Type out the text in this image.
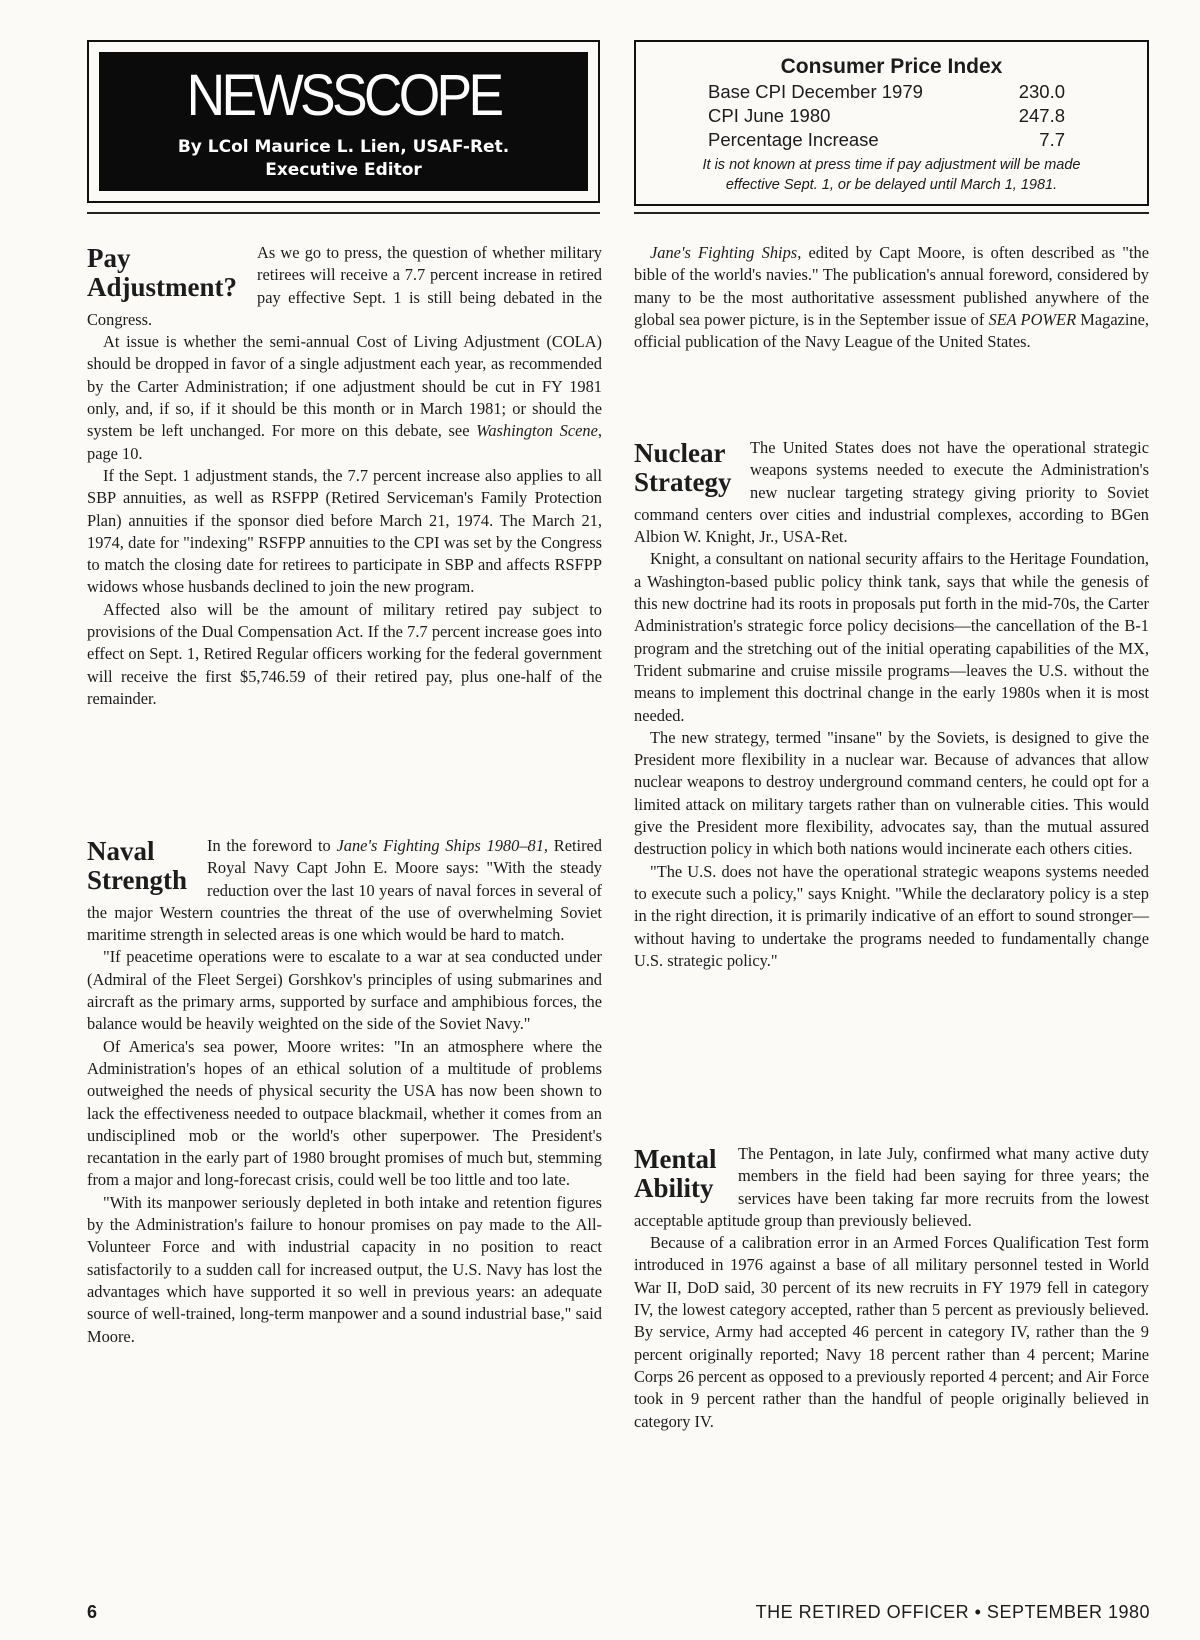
NEWSSCOPE
By LCol Maurice L. Lien, USAF-Ret.
Executive Editor
Consumer Price Index
Base CPI December 1979	230.0
CPI June 1980	247.8
Percentage Increase	7.7
It is not known at press time if pay adjustment will be made
effective Sept. 1, or be delayed until March 1, 1981.
Pay
Adjustment?

As we go to press, the question of whether military retirees will receive a 7.7 percent increase in retired pay effective Sept. 1 is still being debated in the Congress.

At issue is whether the semi-annual Cost of Living Adjustment (COLA) should be dropped in favor of a single adjustment each year, as recommended by the Carter Administration; if one adjustment should be cut in FY 1981 only, and, if so, if it should be this month or in March 1981; or should the system be left unchanged. For more on this debate, see Washington Scene, page 10.

If the Sept. 1 adjustment stands, the 7.7 percent increase also applies to all SBP annuities, as well as RSFPP (Retired Serviceman's Family Protection Plan) annuities if the sponsor died before March 21, 1974. The March 21, 1974, date for "indexing" RSFPP annuities to the CPI was set by the Congress to match the closing date for retirees to participate in SBP and affects RSFPP widows whose husbands declined to join the new program.

Affected also will be the amount of military retired pay subject to provisions of the Dual Compensation Act. If the 7.7 percent increase goes into effect on Sept. 1, Retired Regular officers working for the federal government will receive the first $5,746.59 of their retired pay, plus one-half of the remainder.

Naval
Strength

In the foreword to Jane's Fighting Ships 1980–81, Retired Royal Navy Capt John E. Moore says: "With the steady reduction over the last 10 years of naval forces in several of the major Western countries the threat of the use of overwhelming Soviet maritime strength in selected areas is one which would be hard to match.

"If peacetime operations were to escalate to a war at sea conducted under (Admiral of the Fleet Sergei) Gorshkov's principles of using submarines and aircraft as the primary arms, supported by surface and amphibious forces, the balance would be heavily weighted on the side of the Soviet Navy."

Of America's sea power, Moore writes: "In an atmosphere where the Administration's hopes of an ethical solution of a multitude of problems outweighed the needs of physical security the USA has now been shown to lack the effectiveness needed to outpace blackmail, whether it comes from an undisciplined mob or the world's other superpower. The President's recantation in the early part of 1980 brought promises of much but, stemming from a major and long-forecast crisis, could well be too little and too late.

"With its manpower seriously depleted in both intake and retention figures by the Administration's failure to honour promises on pay made to the All-Volunteer Force and with industrial capacity in no position to react satisfactorily to a sudden call for increased output, the U.S. Navy has lost the advantages which have supported it so well in previous years: an adequate source of well-trained, long-term manpower and a sound industrial base," said Moore.

Jane's Fighting Ships, edited by Capt Moore, is often described as "the bible of the world's navies." The publication's annual foreword, considered by many to be the most authoritative assessment published anywhere of the global sea power picture, is in the September issue of SEA POWER Magazine, official publication of the Navy League of the United States.

Nuclear
Strategy

The United States does not have the operational strategic weapons systems needed to execute the Administration's new nuclear targeting strategy giving priority to Soviet command centers over cities and industrial complexes, according to BGen Albion W. Knight, Jr., USA-Ret.

Knight, a consultant on national security affairs to the Heritage Foundation, a Washington-based public policy think tank, says that while the genesis of this new doctrine had its roots in proposals put forth in the mid-70s, the Carter Administration's strategic force policy decisions—the cancellation of the B-1 program and the stretching out of the initial operating capabilities of the MX, Trident submarine and cruise missile programs—leaves the U.S. without the means to implement this doctrinal change in the early 1980s when it is most needed.

The new strategy, termed "insane" by the Soviets, is designed to give the President more flexibility in a nuclear war. Because of advances that allow nuclear weapons to destroy underground command centers, he could opt for a limited attack on military targets rather than on vulnerable cities. This would give the President more flexibility, advocates say, than the mutual assured destruction policy in which both nations would incinerate each others cities.

"The U.S. does not have the operational strategic weapons systems needed to execute such a policy," says Knight. "While the declaratory policy is a step in the right direction, it is primarily indicative of an effort to sound stronger—without having to undertake the programs needed to fundamentally change U.S. strategic policy."

Mental
Ability

The Pentagon, in late July, confirmed what many active duty members in the field had been saying for three years; the services have been taking far more recruits from the lowest acceptable aptitude group than previously believed.

Because of a calibration error in an Armed Forces Qualification Test form introduced in 1976 against a base of all military personnel tested in World War II, DoD said, 30 percent of its new recruits in FY 1979 fell in category IV, the lowest category accepted, rather than 5 percent as previously believed. By service, Army had accepted 46 percent in category IV, rather than the 9 percent originally reported; Navy 18 percent rather than 4 percent; Marine Corps 26 percent as opposed to a previously reported 4 percent; and Air Force took in 9 percent rather than the handful of people originally believed in category IV.

6	THE RETIRED OFFICER • SEPTEMBER 1980
